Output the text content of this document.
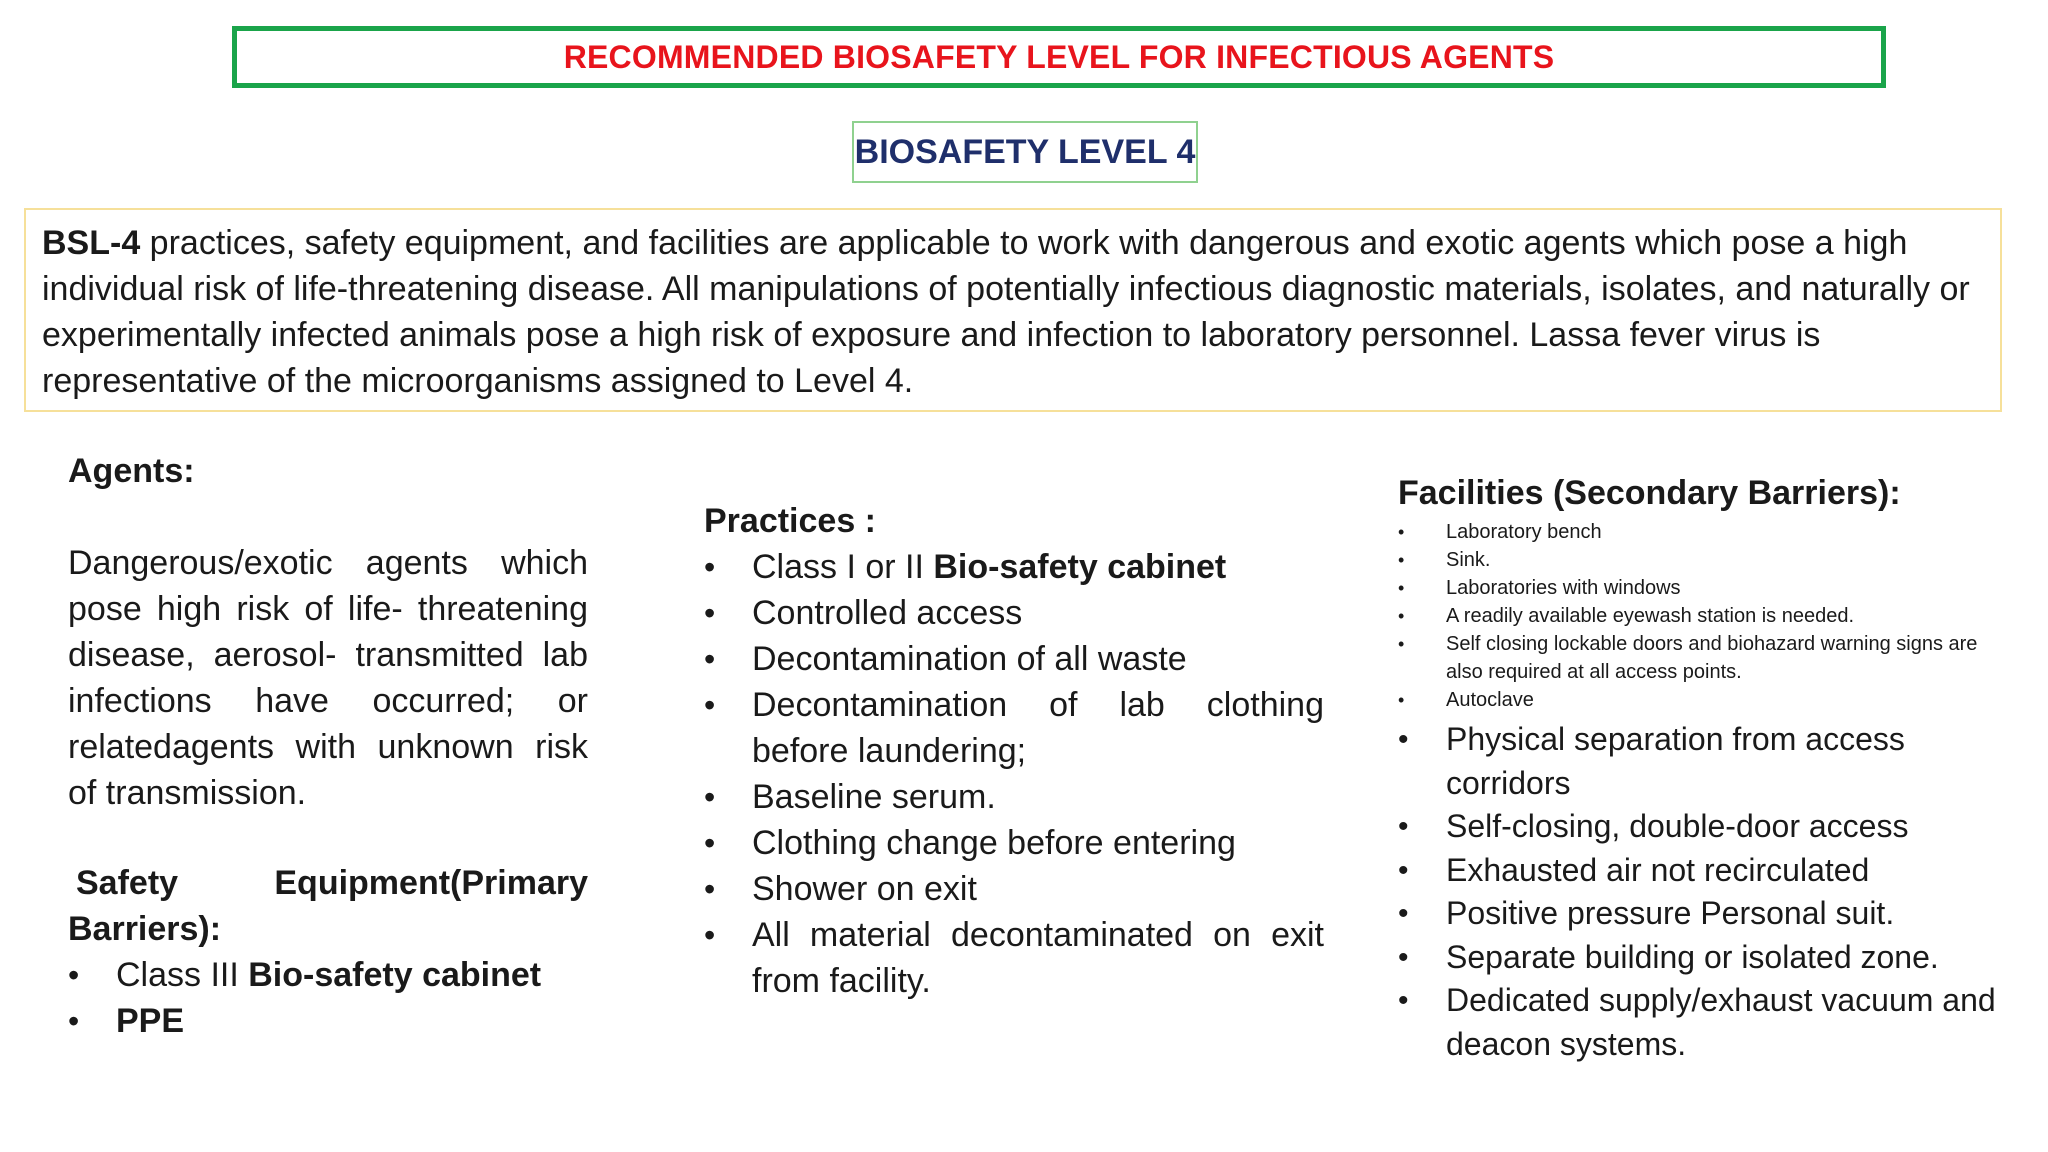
RECOMMENDED BIOSAFETY LEVEL FOR INFECTIOUS AGENTS
BIOSAFETY LEVEL 4
BSL-4 practices, safety equipment, and facilities are applicable to work with dangerous and exotic agents which pose a high individual risk of life-threatening disease. All manipulations of potentially infectious diagnostic materials, isolates, and naturally or experimentally infected animals pose a high risk of exposure and infection to laboratory personnel. Lassa fever virus is representative of the microorganisms assigned to Level 4.
Agents:
Dangerous/exotic agents which pose high risk of life- threatening disease, aerosol- transmitted lab infections have occurred; or relatedagents with unknown risk of transmission.
Safety	Equipment(Primary
Barriers):
• Class III Bio-safety cabinet
• PPE
Practices :
• Class I or II Bio-safety cabinet
• Controlled access
• Decontamination of all waste
• Decontamination of lab clothing before laundering;
• Baseline serum.
• Clothing change before entering
• Shower on exit
• All material decontaminated on exit from facility.
Facilities (Secondary Barriers):
• Laboratory bench
• Sink.
• Laboratories with windows
• A readily available eyewash station is needed.
• Self closing lockable doors and biohazard warning signs are also required at all access points.
• Autoclave
• Physical separation from access corridors
• Self-closing, double-door access
• Exhausted air not recirculated
• Positive pressure Personal suit.
• Separate building or isolated zone.
• Dedicated supply/exhaust vacuum and deacon systems.
